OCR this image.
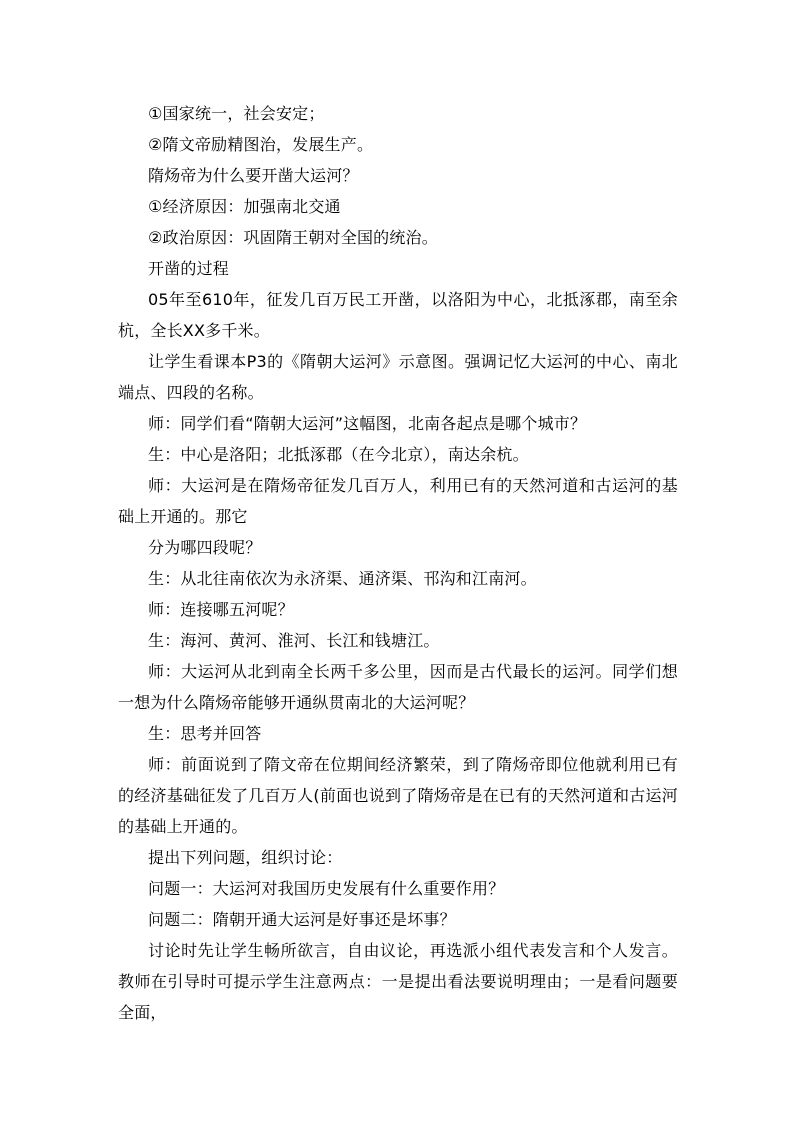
①国家统一，社会安定；

②隋文帝励精图治，发展生产。

隋炀帝为什么要开凿大运河？

①经济原因：加强南北交通

②政治原因：巩固隋王朝对全国的统治。

开凿的过程

05年至610年，征发几百万民工开凿，以洛阳为中心，北抵涿郡，南至余杭，全长XX多千米。

让学生看课本P3的《隋朝大运河》示意图。强调记忆大运河的中心、南北端点、四段的名称。

师：同学们看“隋朝大运河”这幅图，北南各起点是哪个城市？

生：中心是洛阳；北抵涿郡（在今北京），南达余杭。

师：大运河是在隋炀帝征发几百万人，利用已有的天然河道和古运河的基础上开通的。那它

分为哪四段呢？

生：从北往南依次为永济渠、通济渠、邗沟和江南河。

师：连接哪五河呢？

生：海河、黄河、淮河、长江和钱塘江。

师：大运河从北到南全长两千多公里，因而是古代最长的运河。同学们想一想为什么隋炀帝能够开通纵贯南北的大运河呢？

生：思考并回答

师：前面说到了隋文帝在位期间经济繁荣，到了隋炀帝即位他就利用已有的经济基础征发了几百万人(前面也说到了隋炀帝是在已有的天然河道和古运河的基础上开通的。

提出下列问题，组织讨论：

问题一：大运河对我国历史发展有什么重要作用？

问题二：隋朝开通大运河是好事还是坏事？

讨论时先让学生畅所欲言，自由议论，再选派小组代表发言和个人发言。教师在引导时可提示学生注意两点：一是提出看法要说明理由；一是看问题要全面，
